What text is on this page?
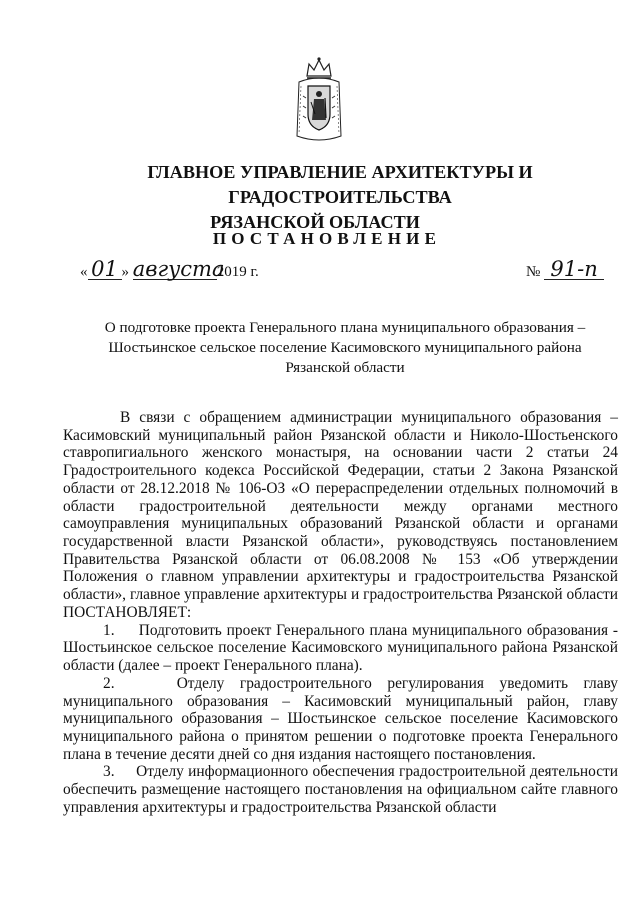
ГЛАВНОЕ УПРАВЛЕНИЕ АРХИТЕКТУРЫ И ГРАДОСТРОИТЕЛЬСТВА
РЯЗАНСКОЙ ОБЛАСТИ
ПОСТАНОВЛЕНИЕ
« 01 » августа2019 г.	№ 91-п
О подготовке проекта Генерального плана муниципального образования –
Шостьинское сельское поселение Касимовского муниципального района
Рязанской области

В связи с обращением администрации муниципального образования – Касимовский муниципальный район Рязанской области и Николо-Шостьенского ставропигиального женского монастыря, на основании части 2 статьи 24 Градостроительного кодекса Российской Федерации, статьи 2 Закона Рязанской области от 28.12.2018 № 106-ОЗ «О перераспределении отдельных полномочий в области градостроительной деятельности между органами местного самоуправления муниципальных образований Рязанской области и органами государственной власти Рязанской области», руководствуясь постановлением Правительства Рязанской области от 06.08.2008 № 153 «Об утверждении Положения о главном управлении архитектуры и градостроительства Рязанской области», главное управление архитектуры и градостроительства Рязанской области ПОСТАНОВЛЯЕТ:

1.     Подготовить проект Генерального плана муниципального образования - Шостьинское сельское поселение Касимовского муниципального района Рязанской области (далее – проект Генерального плана).

2.    Отделу градостроительного регулирования уведомить главу муниципального образования – Касимовский муниципальный район, главу муниципального образования – Шостьинское сельское поселение Касимовского муниципального района о принятом решении о подготовке проекта Генерального плана в течение десяти дней со дня издания настоящего постановления.

3.     Отделу информационного обеспечения градостроительной деятельности обеспечить размещение настоящего постановления на официальном сайте главного управления архитектуры и градостроительства Рязанской области
